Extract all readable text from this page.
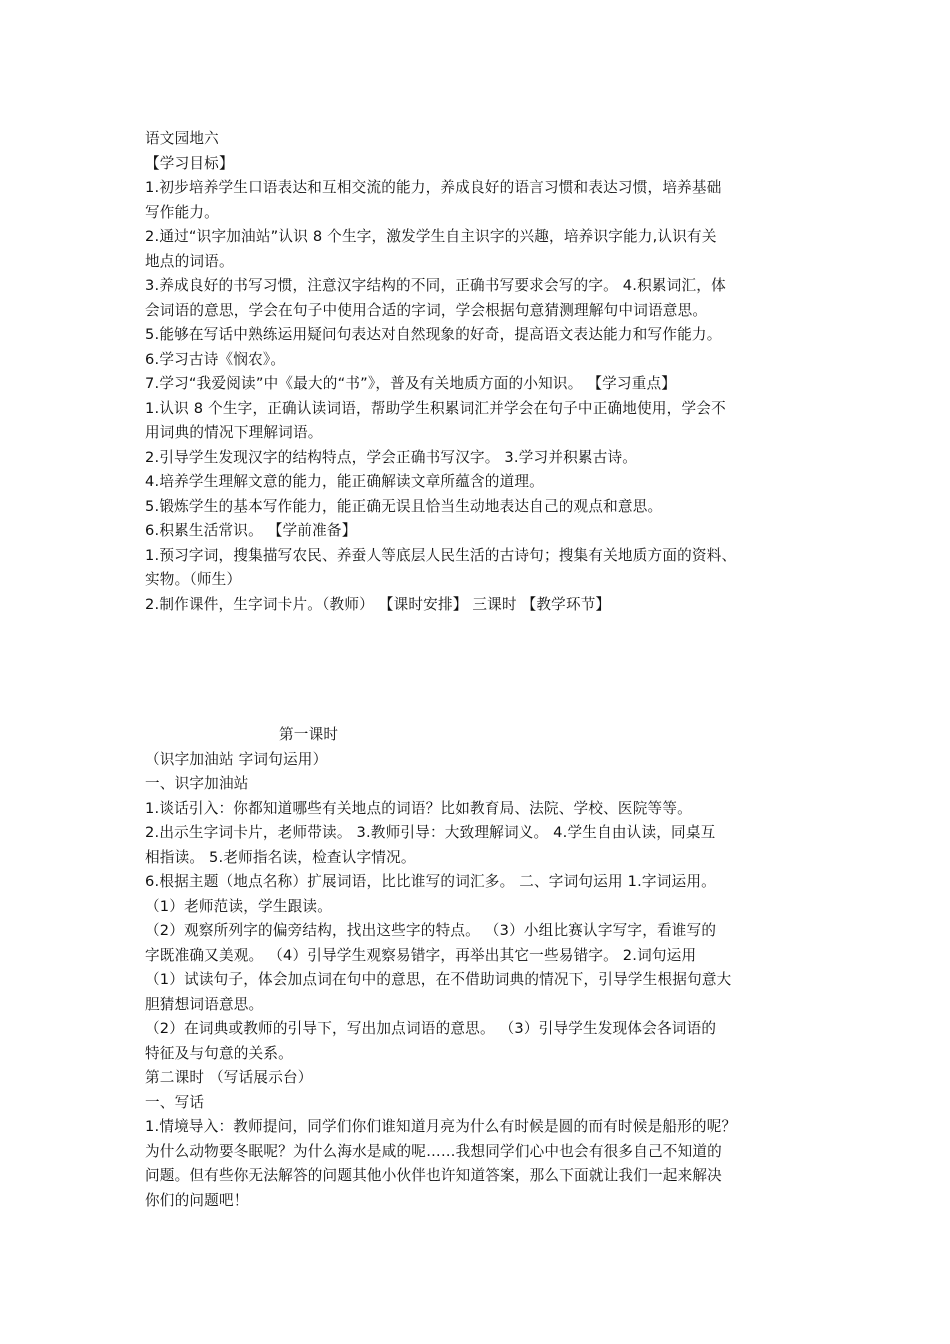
语文园地六
【学习目标】
1.初步培养学生口语表达和互相交流的能力，养成良好的语言习惯和表达习惯，培养基础
写作能力。
2.通过“识字加油站”认识 8 个生字，激发学生自主识字的兴趣，培养识字能力,认识有关
地点的词语。
3.养成良好的书写习惯，注意汉字结构的不同，正确书写要求会写的字。 4.积累词汇，体
会词语的意思，学会在句子中使用合适的字词，学会根据句意猜测理解句中词语意思。
5.能够在写话中熟练运用疑问句表达对自然现象的好奇，提高语文表达能力和写作能力。
6.学习古诗《悯农》。
7.学习“我爱阅读”中《最大的“书”》，普及有关地质方面的小知识。 【学习重点】
1.认识 8 个生字，正确认读词语，帮助学生积累词汇并学会在句子中正确地使用，学会不
用词典的情况下理解词语。
2.引导学生发现汉字的结构特点，学会正确书写汉字。 3.学习并积累古诗。
4.培养学生理解文意的能力，能正确解读文章所蕴含的道理。
5.锻炼学生的基本写作能力，能正确无误且恰当生动地表达自己的观点和意思。
6.积累生活常识。 【学前准备】
1.预习字词，搜集描写农民、养蚕人等底层人民生活的古诗句；搜集有关地质方面的资料、
实物。（师生）
2.制作课件，生字词卡片。（教师） 【课时安排】 三课时 【教学环节】
第一课时
（识字加油站 字词句运用）
一、识字加油站
1.谈话引入：你都知道哪些有关地点的词语？比如教育局、法院、学校、医院等等。
2.出示生字词卡片，老师带读。 3.教师引导：大致理解词义。 4.学生自由认读，同桌互
相指读。 5.老师指名读，检查认字情况。
6.根据主题（地点名称）扩展词语，比比谁写的词汇多。 二、字词句运用 1.字词运用。
（1）老师范读，学生跟读。
（2）观察所列字的偏旁结构，找出这些字的特点。 （3）小组比赛认字写字，看谁写的
字既准确又美观。 （4）引导学生观察易错字，再举出其它一些易错字。 2.词句运用
（1）试读句子，体会加点词在句中的意思，在不借助词典的情况下，引导学生根据句意大
胆猜想词语意思。
（2）在词典或教师的引导下，写出加点词语的意思。 （3）引导学生发现体会各词语的
特征及与句意的关系。
第二课时 （写话展示台）
一、写话
1.情境导入：教师提问，同学们你们谁知道月亮为什么有时候是圆的而有时候是船形的呢？
为什么动物要冬眠呢？为什么海水是咸的呢……我想同学们心中也会有很多自己不知道的
问题。但有些你无法解答的问题其他小伙伴也许知道答案，那么下面就让我们一起来解决
你们的问题吧！
